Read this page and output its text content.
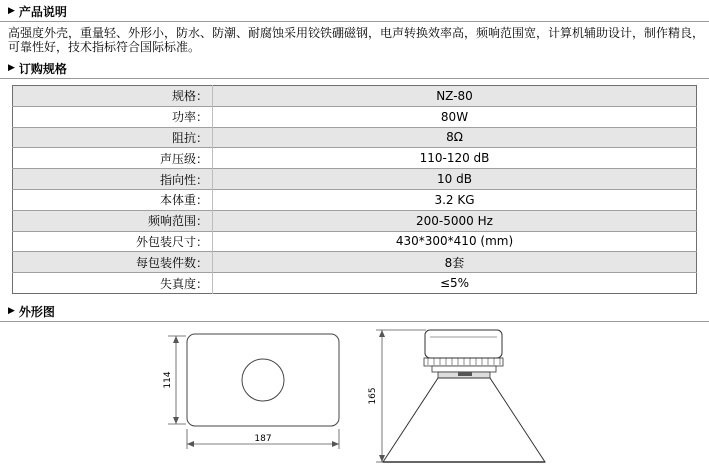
▶ 产品说明
高强度外壳，重量轻、外形小，防水、防潮、耐腐蚀采用铰铁硼磁钢，电声转换效率高，频响范围宽，计算机辅助设计，制作精良，可靠性好，技术指标符合国际标准。
▶ 订购规格
规格：	NZ-80
功率：	80W
阻抗：	8Ω
声压级：	110-120 dB
指向性：	10 dB
本体重：	3.2 KG
频响范围：	200-5000 Hz
外包装尺寸：	430*300*410 (mm)
每包装件数：	8套
失真度：	≤5%
▶ 外形图
114
187
165
